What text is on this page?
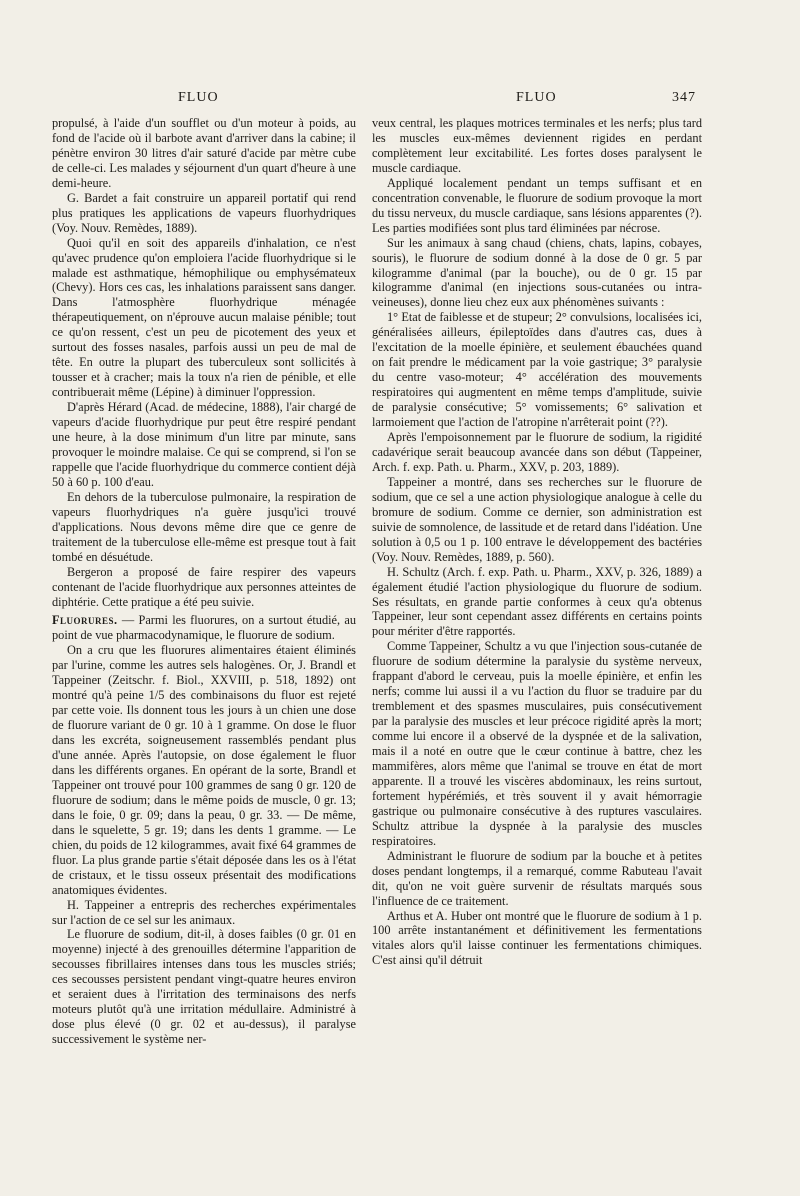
FLUO	FLUO	347

propulsé, à l'aide d'un soufflet ou d'un moteur à poids, au fond de l'acide où il barbote avant d'arriver dans la cabine; il pénètre environ 30 litres d'air saturé d'acide par mètre cube de celle-ci. Les malades y séjournent d'un quart d'heure à une demi-heure.

G. Bardet a fait construire un appareil portatif qui rend plus pratiques les applications de vapeurs fluorhydriques (Voy. Nouv. Remèdes, 1889).

Quoi qu'il en soit des appareils d'inhalation, ce n'est qu'avec prudence qu'on emploiera l'acide fluorhydrique si le malade est asthmatique, hémophilique ou emphysémateux (Chevy). Hors ces cas, les inhalations paraissent sans danger. Dans l'atmosphère fluorhydrique ménagée thérapeutiquement, on n'éprouve aucun malaise pénible; tout ce qu'on ressent, c'est un peu de picotement des yeux et surtout des fosses nasales, parfois aussi un peu de mal de tête. En outre la plupart des tuberculeux sont sollicités à tousser et à cracher; mais la toux n'a rien de pénible, et elle contribuerait même (Lépine) à diminuer l'oppression.

D'après Hérard (Acad. de médecine, 1888), l'air chargé de vapeurs d'acide fluorhydrique pur peut être respiré pendant une heure, à la dose minimum d'un litre par minute, sans provoquer le moindre malaise. Ce qui se comprend, si l'on se rappelle que l'acide fluorhydrique du commerce contient déjà 50 à 60 p. 100 d'eau.

En dehors de la tuberculose pulmonaire, la respiration de vapeurs fluorhydriques n'a guère jusqu'ici trouvé d'applications. Nous devons même dire que ce genre de traitement de la tuberculose elle-même est presque tout à fait tombé en désuétude.

Bergeron a proposé de faire respirer des vapeurs contenant de l'acide fluorhydrique aux personnes atteintes de diphtérie. Cette pratique a été peu suivie.

Fluorures. — Parmi les fluorures, on a surtout étudié, au point de vue pharmacodynamique, le fluorure de sodium.

On a cru que les fluorures alimentaires étaient éliminés par l'urine, comme les autres sels halogènes. Or, J. Brandl et Tappeiner (Zeitschr. f. Biol., XXVIII, p. 518, 1892) ont montré qu'à peine 1/5 des combinaisons du fluor est rejeté par cette voie. Ils donnent tous les jours à un chien une dose de fluorure variant de 0 gr. 10 à 1 gramme. On dose le fluor dans les excréta, soigneusement rassemblés pendant plus d'une année. Après l'autopsie, on dose également le fluor dans les différents organes. En opérant de la sorte, Brandl et Tappeiner ont trouvé pour 100 grammes de sang 0 gr. 120 de fluorure de sodium; dans le même poids de muscle, 0 gr. 13; dans le foie, 0 gr. 09; dans la peau, 0 gr. 33. — De même, dans le squelette, 5 gr. 19; dans les dents 1 gramme. — Le chien, du poids de 12 kilogrammes, avait fixé 64 grammes de fluor. La plus grande partie s'était déposée dans les os à l'état de cristaux, et le tissu osseux présentait des modifications anatomiques évidentes.

H. Tappeiner a entrepris des recherches expérimentales sur l'action de ce sel sur les animaux.

Le fluorure de sodium, dit-il, à doses faibles (0 gr. 01 en moyenne) injecté à des grenouilles détermine l'apparition de secousses fibrillaires intenses dans tous les muscles striés; ces secousses persistent pendant vingt-quatre heures environ et seraient dues à l'irritation des terminaisons des nerfs moteurs plutôt qu'à une irritation médullaire. Administré à dose plus élevé (0 gr. 02 et au-dessus), il paralyse successivement le système ner-

veux central, les plaques motrices terminales et les nerfs; plus tard les muscles eux-mêmes deviennent rigides en perdant complètement leur excitabilité. Les fortes doses paralysent le muscle cardiaque.

Appliqué localement pendant un temps suffisant et en concentration convenable, le fluorure de sodium provoque la mort du tissu nerveux, du muscle cardiaque, sans lésions apparentes (?). Les parties modifiées sont plus tard éliminées par nécrose.

Sur les animaux à sang chaud (chiens, chats, lapins, cobayes, souris), le fluorure de sodium donné à la dose de 0 gr. 5 par kilogramme d'animal (par la bouche), ou de 0 gr. 15 par kilogramme d'animal (en injections sous-cutanées ou intra-veineuses), donne lieu chez eux aux phénomènes suivants :

1° Etat de faiblesse et de stupeur; 2° convulsions, localisées ici, généralisées ailleurs, épileptoïdes dans d'autres cas, dues à l'excitation de la moelle épinière, et seulement ébauchées quand on fait prendre le médicament par la voie gastrique; 3° paralysie du centre vaso-moteur; 4° accélération des mouvements respiratoires qui augmentent en même temps d'amplitude, suivie de paralysie consécutive; 5° vomissements; 6° salivation et larmoiement que l'action de l'atropine n'arrêterait point (??).

Après l'empoisonnement par le fluorure de sodium, la rigidité cadavérique serait beaucoup avancée dans son début (Tappeiner, Arch. f. exp. Path. u. Pharm., XXV, p. 203, 1889).

Tappeiner a montré, dans ses recherches sur le fluorure de sodium, que ce sel a une action physiologique analogue à celle du bromure de sodium. Comme ce dernier, son administration est suivie de somnolence, de lassitude et de retard dans l'idéation. Une solution à 0,5 ou 1 p. 100 entrave le développement des bactéries (Voy. Nouv. Remèdes, 1889, p. 560).

H. Schultz (Arch. f. exp. Path. u. Pharm., XXV, p. 326, 1889) a également étudié l'action physiologique du fluorure de sodium. Ses résultats, en grande partie conformes à ceux qu'a obtenus Tappeiner, leur sont cependant assez différents en certains points pour mériter d'être rapportés.

Comme Tappeiner, Schultz a vu que l'injection sous-cutanée de fluorure de sodium détermine la paralysie du système nerveux, frappant d'abord le cerveau, puis la moelle épinière, et enfin les nerfs; comme lui aussi il a vu l'action du fluor se traduire par du tremblement et des spasmes musculaires, puis consécutivement par la paralysie des muscles et leur précoce rigidité après la mort; comme lui encore il a observé de la dyspnée et de la salivation, mais il a noté en outre que le cœur continue à battre, chez les mammifères, alors même que l'animal se trouve en état de mort apparente. Il a trouvé les viscères abdominaux, les reins surtout, fortement hypérémiés, et très souvent il y avait hémorragie gastrique ou pulmonaire consécutive à des ruptures vasculaires. Schultz attribue la dyspnée à la paralysie des muscles respiratoires.

Administrant le fluorure de sodium par la bouche et à petites doses pendant longtemps, il a remarqué, comme Rabuteau l'avait dit, qu'on ne voit guère survenir de résultats marqués sous l'influence de ce traitement.

Arthus et A. Huber ont montré que le fluorure de sodium à 1 p. 100 arrête instantanément et définitivement les fermentations vitales alors qu'il laisse continuer les fermentations chimiques. C'est ainsi qu'il détruit
